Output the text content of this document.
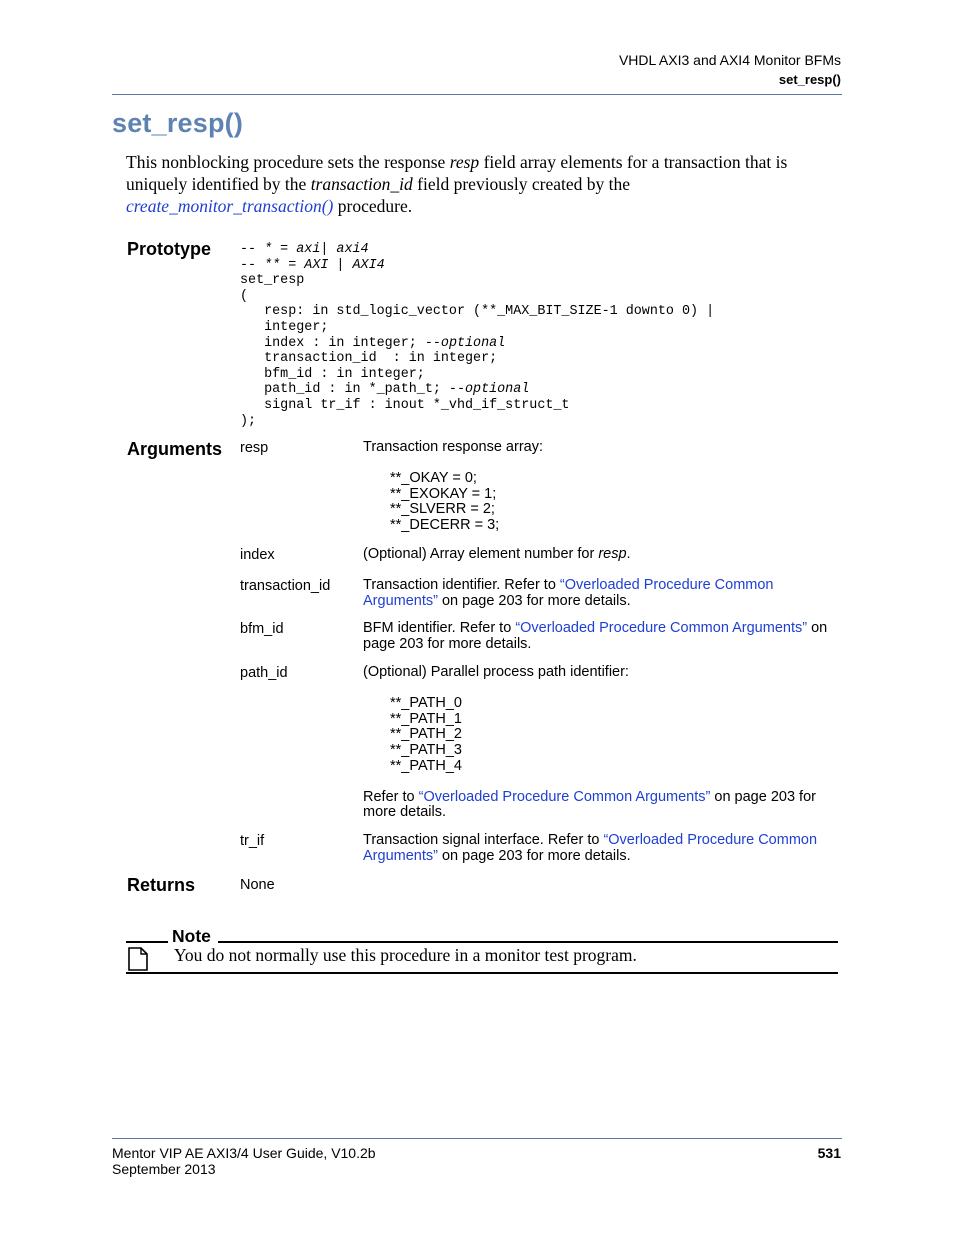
VHDL AXI3 and AXI4 Monitor BFMs
set_resp()
set_resp()
This nonblocking procedure sets the response resp field array elements for a transaction that is uniquely identified by the transaction_id field previously created by the create_monitor_transaction() procedure.
Prototype -- * = axi| axi4
-- ** = AXI | AXI4
set_resp
(
resp: in std_logic_vector (**_MAX_BIT_SIZE-1 downto 0) |
integer;
index : in integer; --optional
transaction_id  : in integer;
bfm_id : in integer;
path_id : in *_path_t; --optional
signal tr_if : inout *_vhd_if_struct_t
);
Arguments resp	Transaction response array:
**_OKAY = 0;
**_EXOKAY = 1;
**_SLVERR = 2;
**_DECERR = 3;
index	(Optional) Array element number for resp.
transaction_id Transaction identifier. Refer to “Overloaded Procedure Common Arguments” on page 203 for more details.
bfm_id	BFM identifier. Refer to “Overloaded Procedure Common Arguments” on page 203 for more details.
path_id	(Optional) Parallel process path identifier:
**_PATH_0
**_PATH_1
**_PATH_2
**_PATH_3
**_PATH_4
Refer to “Overloaded Procedure Common Arguments” on page 203 for more details.
tr_if	Transaction signal interface. Refer to “Overloaded Procedure Common Arguments” on page 203 for more details.
Returns	None
Note
You do not normally use this procedure in a monitor test program.
Mentor VIP AE AXI3/4 User Guide, V10.2b
September 2013
531
